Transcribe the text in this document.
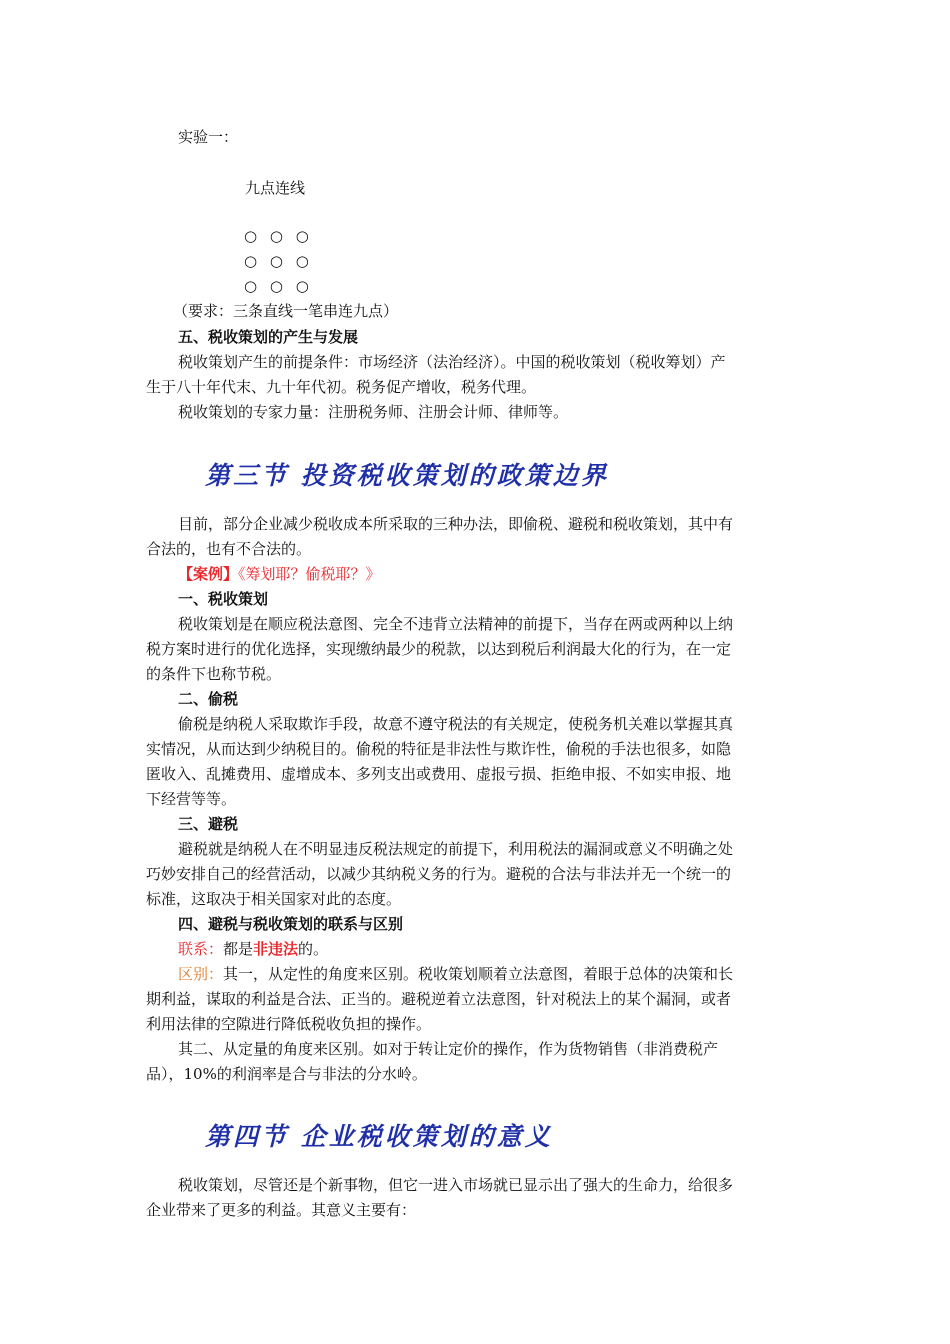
实验一：
九点连线
○ ○ ○
○ ○ ○
○ ○ ○
（要求：三条直线一笔串连九点）
五、税收策划的产生与发展
税收策划产生的前提条件：市场经济（法治经济）。中国的税收策划（税收筹划）产
生于八十年代末、九十年代初。税务促产增收，税务代理。
税收策划的专家力量：注册税务师、注册会计师、律师等。
第三节 投资税收策划的政策边界
目前，部分企业减少税收成本所采取的三种办法，即偷税、避税和税收策划，其中有
合法的，也有不合法的。
【案例】《筹划耶？偷税耶？》
一、税收策划
税收策划是在顺应税法意图、完全不违背立法精神的前提下，当存在两或两种以上纳
税方案时进行的优化选择，实现缴纳最少的税款，以达到税后利润最大化的行为，在一定
的条件下也称节税。
二、偷税
偷税是纳税人采取欺诈手段，故意不遵守税法的有关规定，使税务机关难以掌握其真
实情况，从而达到少纳税目的。偷税的特征是非法性与欺诈性，偷税的手法也很多，如隐
匿收入、乱摊费用、虚增成本、多列支出或费用、虚报亏损、拒绝申报、不如实申报、地
下经营等等。
三、避税
避税就是纳税人在不明显违反税法规定的前提下，利用税法的漏洞或意义不明确之处
巧妙安排自己的经营活动，以减少其纳税义务的行为。避税的合法与非法并无一个统一的
标准，这取决于相关国家对此的态度。
四、避税与税收策划的联系与区别
联系：都是非违法的。
区别：其一，从定性的角度来区别。税收策划顺着立法意图，着眼于总体的决策和长
期利益，谋取的利益是合法、正当的。避税逆着立法意图，针对税法上的某个漏洞，或者
利用法律的空隙进行降低税收负担的操作。
其二、从定量的角度来区别。如对于转让定价的操作，作为货物销售（非消费税产
品），10%的利润率是合与非法的分水岭。
第四节 企业税收策划的意义
税收策划，尽管还是个新事物，但它一进入市场就已显示出了强大的生命力，给很多
企业带来了更多的利益。其意义主要有：
